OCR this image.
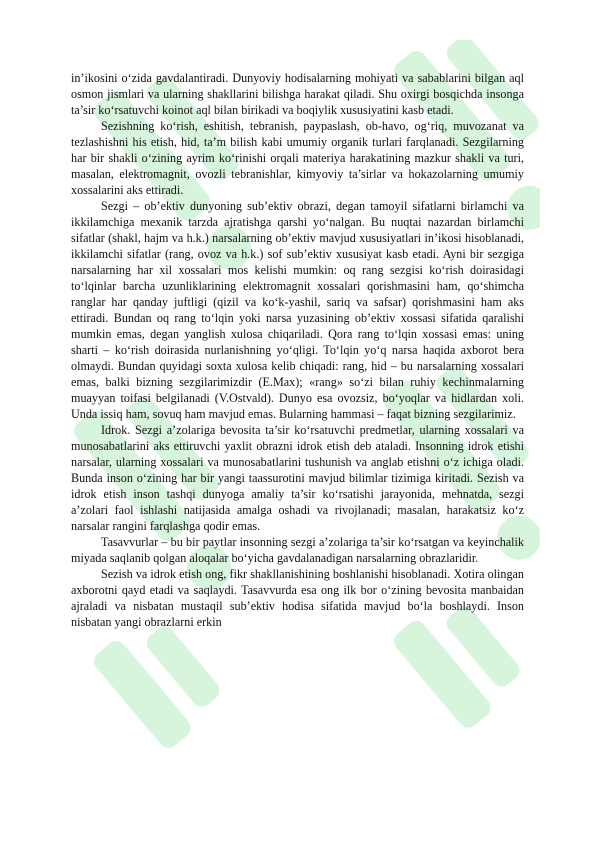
in’ikosini o‘zida gavdalantiradi. Dunyoviy hodisalarning mohiyati va sabablarini bilgan aql osmon jismlari va ularning shakllarini bilishga harakat qiladi. Shu oxirgi bosqichda insonga ta’sir ko‘rsatuvchi koinot aql bilan birikadi va boqiylik xususiyatini kasb etadi.

Sezishning ko‘rish, eshitish, tebranish, paypaslash, ob-havo, og‘riq, muvozanat va tezlashishni his etish, hid, ta’m bilish kabi umumiy organik turlari farqlanadi. Sezgilarning har bir shakli o‘zining ayrim ko‘rinishi orqali materiya harakatining mazkur shakli va turi, masalan, elektromagnit, ovozli tebranishlar, kimyoviy ta’sirlar va hokazolarning umumiy xossalarini aks ettiradi.

Sezgi – ob’ektiv dunyoning sub’ektiv obrazi, degan tamoyil sifatlarni birlamchi va ikkilamchiga mexanik tarzda ajratishga qarshi yo‘nalgan. Bu nuqtai nazardan birlamchi sifatlar (shakl, hajm va h.k.) narsalarning ob’ektiv mavjud xususiyatlari in’ikosi hisoblanadi, ikkilamchi sifatlar (rang, ovoz va h.k.) sof sub’ektiv xususiyat kasb etadi. Ayni bir sezgiga narsalarning har xil xossalari mos kelishi mumkin: oq rang sezgisi ko‘rish doirasidagi to‘lqinlar barcha uzunliklarining elektromagnit xossalari qorishmasini ham, qo‘shimcha ranglar har qanday juftligi (qizil va ko‘k-yashil, sariq va safsar) qorishmasini ham aks ettiradi. Bundan oq rang to‘lqin yoki narsa yuzasining ob’ektiv xossasi sifatida qaralishi mumkin emas, degan yanglish xulosa chiqariladi. Qora rang to‘lqin xossasi emas: uning sharti – ko‘rish doirasida nurlanishning yo‘qligi. To‘lqin yo‘q narsa haqida axborot bera olmaydi. Bundan quyidagi soxta xulosa kelib chiqadi: rang, hid – bu narsalarning xossalari emas, balki bizning sezgilarimizdir (E.Max); «rang» so‘zi bilan ruhiy kechinmalarning muayyan toifasi belgilanadi (V.Ostvald). Dunyo esa ovozsiz, bo‘yoqlar va hidlardan xoli. Unda issiq ham, sovuq ham mavjud emas. Bularning hammasi – faqat bizning sezgilarimiz.

Idrok. Sezgi a’zolariga bevosita ta’sir ko‘rsatuvchi predmetlar, ularning xossalari va munosabatlarini aks ettiruvchi yaxlit obrazni idrok etish deb ataladi. Insonning idrok etishi narsalar, ularning xossalari va munosabatlarini tushunish va anglab etishni o‘z ichiga oladi. Bunda inson o‘zining har bir yangi taassurotini mavjud bilimlar tizimiga kiritadi. Sezish va idrok etish inson tashqi dunyoga amaliy ta’sir ko‘rsatishi jarayonida, mehnatda, sezgi a’zolari faol ishlashi natijasida amalga oshadi va rivojlanadi; masalan, harakatsiz ko‘z narsalar rangini farqlashga qodir emas.

Tasavvurlar – bu bir paytlar insonning sezgi a’zolariga ta’sir ko‘rsatgan va keyinchalik miyada saqlanib qolgan aloqalar bo‘yicha gavdalanadigan narsalarning obrazlaridir.

Sezish va idrok etish ong, fikr shakllanishining boshlanishi hisoblanadi. Xotira olingan axborotni qayd etadi va saqlaydi. Tasavvurda esa ong ilk bor o‘zining bevosita manbaidan ajraladi va nisbatan mustaqil sub’ektiv hodisa sifatida mavjud bo‘la boshlaydi. Inson nisbatan yangi obrazlarni erkin
